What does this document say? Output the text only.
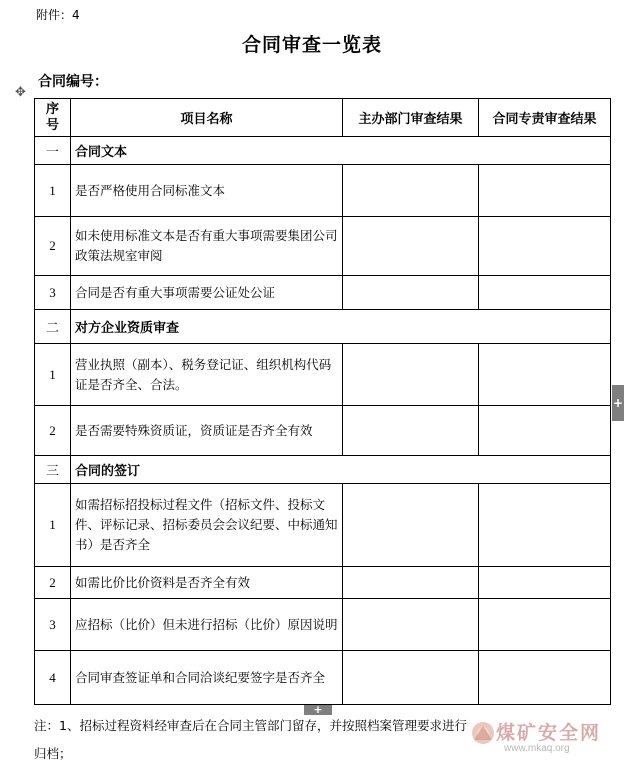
附件：4
合同审查一览表
合同编号：
✥
序号	项目名称	主办部门审查结果	合同专责审查结果
一	合同文本		
1	是否严格使用合同标准文本		
2	如未使用标准文本是否有重大事项需要集团公司政策法规室审阅		
3	合同是否有重大事项需要公证处公证		
二	对方企业资质审查		
1	营业执照（副本）、税务登记证、组织机构代码证是否齐全、合法。		
2	是否需要特殊资质证，资质证是否齐全有效		
三	合同的签订		
1	如需招标招投标过程文件（招标文件、投标文件、评标记录、招标委员会会议纪要、中标通知书）是否齐全		
2	如需比价比价资料是否齐全有效		
3	应招标（比价）但未进行招标（比价）原因说明		
4	合同审查签证单和合同洽谈纪要签字是否齐全		
+
+
注：1、招标过程资料经审查后在合同主管部门留存，并按照档案管理要求进行
归档；
煤矿安全网
www.mkaq.org
